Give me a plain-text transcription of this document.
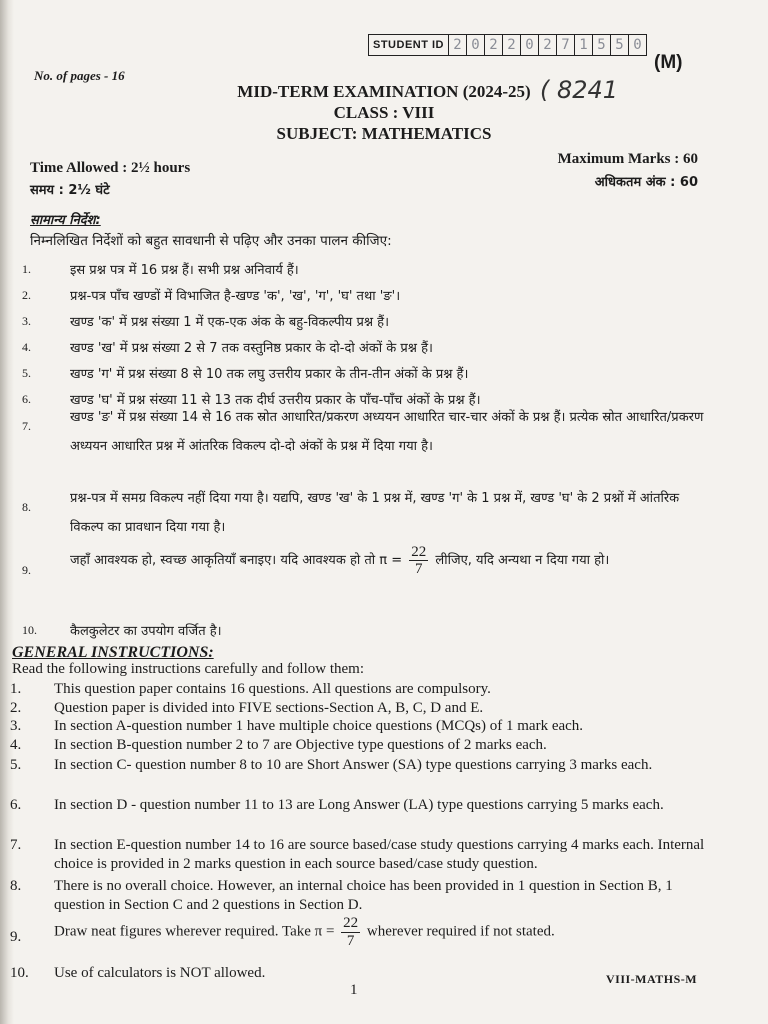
STUDENT ID 2 0 2 2 0 2 7 1 5 5 0
No. of pages - 16
(M)
( 8241
MID-TERM EXAMINATION (2024-25)
CLASS : VIII
SUBJECT: MATHEMATICS
Time Allowed : 2½ hours
समय : 2½ घंटे
Maximum Marks : 60
अधिकतम अंक : 60
सामान्य निर्देश:
निम्नलिखित निर्देशों को बहुत सावधानी से पढ़िए और उनका पालन कीजिए:
1.	इस प्रश्न पत्र में 16 प्रश्न हैं। सभी प्रश्न अनिवार्य हैं।
2.	प्रश्न-पत्र पाँच खण्डों में विभाजित है-खण्ड 'क', 'ख', 'ग', 'घ' तथा 'ङ'।
3.	खण्ड 'क' में प्रश्न संख्या 1 में एक-एक अंक के बहु-विकल्पीय प्रश्न हैं।
4.	खण्ड 'ख' में प्रश्न संख्या 2 से 7 तक वस्तुनिष्ठ प्रकार के दो-दो अंकों के प्रश्न हैं।
5.	खण्ड 'ग' में प्रश्न संख्या 8 से 10 तक लघु उत्तरीय प्रकार के तीन-तीन अंकों के प्रश्न हैं।
6.	खण्ड 'घ' में प्रश्न संख्या 11 से 13 तक दीर्घ उत्तरीय प्रकार के पाँच-पाँच अंकों के प्रश्न हैं।
7.
खण्ड 'ङ' में प्रश्न संख्या 14 से 16 तक स्रोत आधारित/प्रकरण अध्ययन आधारित चार-चार अंकों के प्रश्न हैं। प्रत्येक स्रोत आधारित/प्रकरण अध्ययन आधारित प्रश्न में आंतरिक विकल्प दो-दो अंकों के प्रश्न में दिया गया है।
8.
प्रश्न-पत्र में समग्र विकल्प नहीं दिया गया है। यद्यपि, खण्ड 'ख' के 1 प्रश्न में, खण्ड 'ग' के 1 प्रश्न में, खण्ड 'घ' के 2 प्रश्नों में आंतरिक विकल्प का प्रावधान दिया गया है।
9.
जहाँ आवश्यक हो, स्वच्छ आकृतियाँ बनाइए। यदि आवश्यक हो तो $\pi = \frac{22}{7}$ लीजिए, यदि अन्यथा न दिया गया हो।
10.	कैलकुलेटर का उपयोग वर्जित है।
GENERAL INSTRUCTIONS:
Read the following instructions carefully and follow them:
1. This question paper contains 16 questions. All questions are compulsory.
2. Question paper is divided into FIVE sections-Section A, B, C, D and E.
3. In section A-question number 1 have multiple choice questions (MCQs) of 1 mark each.
4. In section B-question number 2 to 7 are Objective type questions of 2 marks each.
5. In section C- question number 8 to 10 are Short Answer (SA) type questions carrying 3 marks each.
6. In section D - question number 11 to 13 are Long Answer (LA) type questions carrying 5 marks each.
7. In section E-question number 14 to 16 are source based/case study questions carrying 4 marks each. Internal choice is provided in 2 marks question in each source based/case study question.
8. There is no overall choice. However, an internal choice has been provided in 1 question in Section B, 1 question in Section C and 2 questions in Section D.
9. Draw neat figures wherever required. Take $\pi = \frac{22}{7}$ wherever required if not stated.
10. Use of calculators is NOT allowed.
1
VIII-MATHS-M
